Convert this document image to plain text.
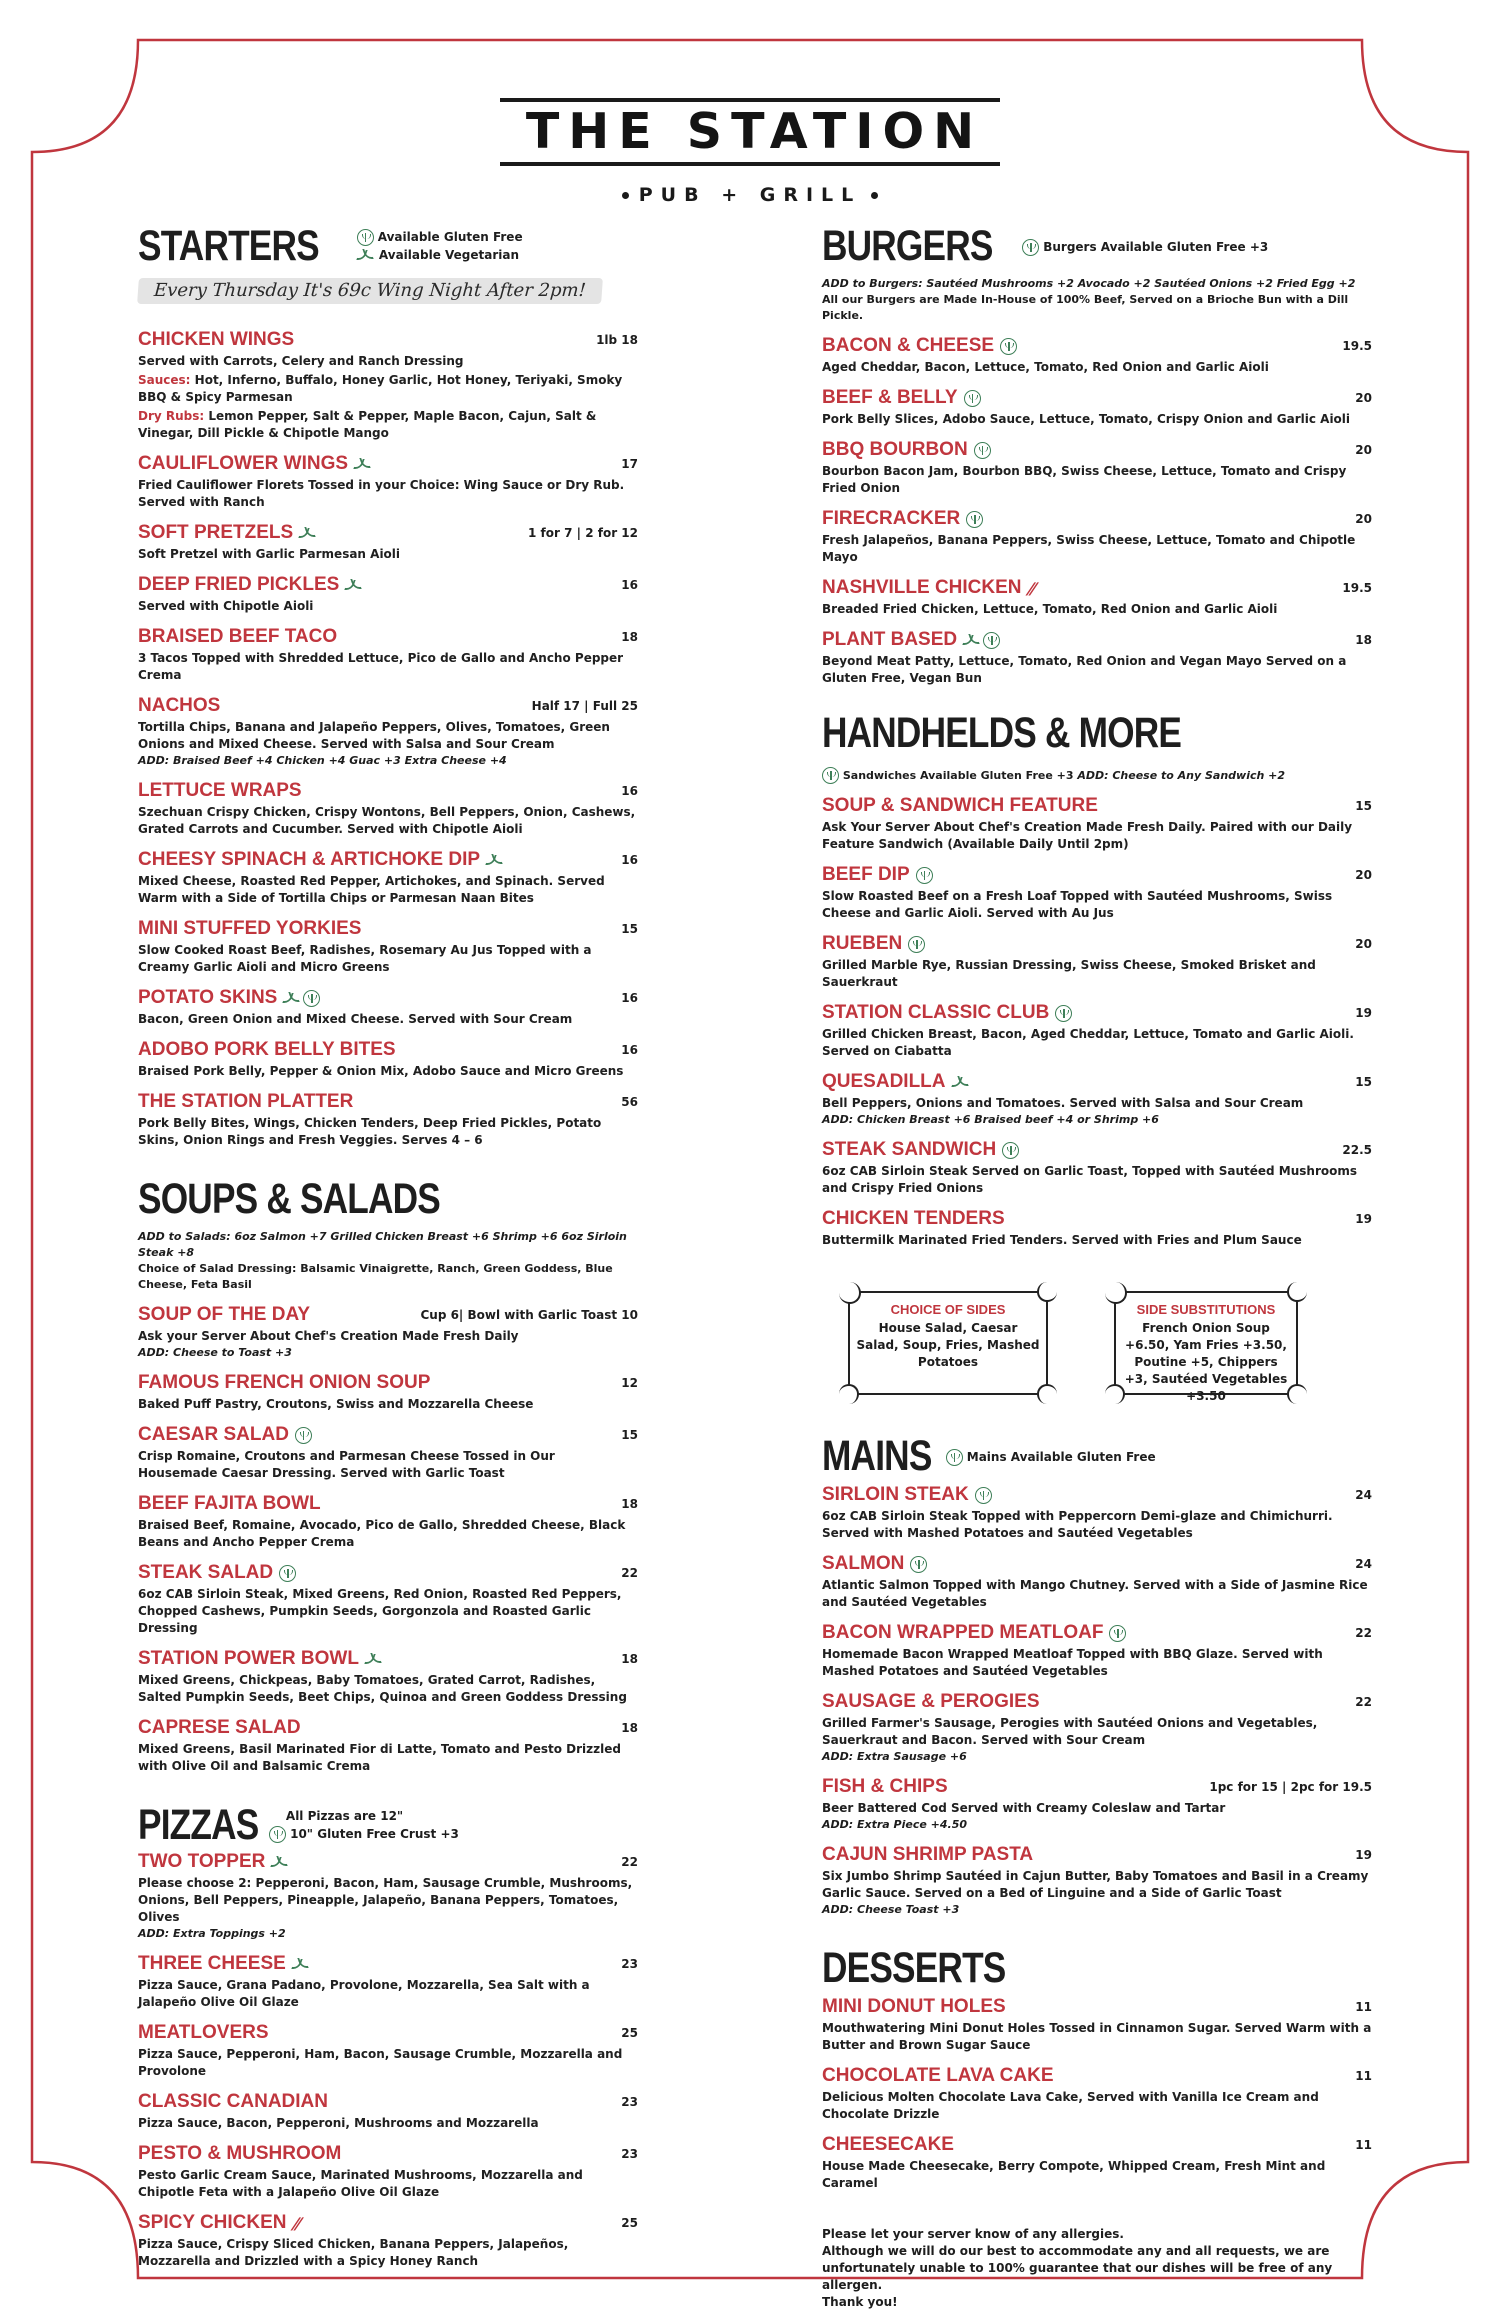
THE STATION
PUB + GRILL
STARTERS
	Available Gluten Free

Available Vegetarian
Every Thursday It's 69c Wing Night After 2pm!
CHICKEN WINGS	1lb 18
Served with Carrots, Celery and Ranch Dressing
Sauces: Hot, Inferno, Buffalo, Honey Garlic, Hot Honey, Teriyaki, Smoky BBQ & Spicy Parmesan
Dry Rubs: Lemon Pepper, Salt & Pepper, Maple Bacon, Cajun, Salt & Vinegar, Dill Pickle & Chipotle Mango
CAULIFLOWER WINGS	17
Fried Cauliflower Florets Tossed in your Choice: Wing Sauce or Dry Rub. Served with Ranch
SOFT PRETZELS	1 for 7 | 2 for 12
Soft Pretzel with Garlic Parmesan Aioli
DEEP FRIED PICKLES	16
Served with Chipotle Aioli
BRAISED BEEF TACO	18
3 Tacos Topped with Shredded Lettuce, Pico de Gallo and Ancho Pepper Crema
NACHOS	Half 17 | Full 25
Tortilla Chips, Banana and Jalapeño Peppers, Olives, Tomatoes, Green Onions and Mixed Cheese. Served with Salsa and Sour Cream
ADD: Braised Beef +4 Chicken +4 Guac +3 Extra Cheese +4
LETTUCE WRAPS	16
Szechuan Crispy Chicken, Crispy Wontons, Bell Peppers, Onion, Cashews, Grated Carrots and Cucumber. Served with Chipotle Aioli
CHEESY SPINACH & ARTICHOKE DIP	16
Mixed Cheese, Roasted Red Pepper, Artichokes, and Spinach. Served Warm with a Side of Tortilla Chips or Parmesan Naan Bites
MINI STUFFED YORKIES	15
Slow Cooked Roast Beef, Radishes, Rosemary Au Jus Topped with a Creamy Garlic Aioli and Micro Greens
POTATO SKINS	16
Bacon, Green Onion and Mixed Cheese. Served with Sour Cream
ADOBO PORK BELLY BITES	16
Braised Pork Belly, Pepper & Onion Mix, Adobo Sauce and Micro Greens
THE STATION PLATTER	56
Pork Belly Bites, Wings, Chicken Tenders, Deep Fried Pickles, Potato Skins, Onion Rings and Fresh Veggies. Serves 4 – 6
SOUPS & SALADS
ADD to Salads: 6oz Salmon +7 Grilled Chicken Breast +6 Shrimp +6 6oz Sirloin Steak +8
Choice of Salad Dressing: Balsamic Vinaigrette, Ranch, Green Goddess, Blue Cheese, Feta Basil
SOUP OF THE DAY	Cup 6| Bowl with Garlic Toast 10
Ask your Server About Chef's Creation Made Fresh Daily
ADD: Cheese to Toast +3
FAMOUS FRENCH ONION SOUP	12
Baked Puff Pastry, Croutons, Swiss and Mozzarella Cheese
CAESAR SALAD	15
Crisp Romaine, Croutons and Parmesan Cheese Tossed in Our Housemade Caesar Dressing. Served with Garlic Toast
BEEF FAJITA BOWL	18
Braised Beef, Romaine, Avocado, Pico de Gallo, Shredded Cheese, Black Beans and Ancho Pepper Crema
STEAK SALAD	22
6oz CAB Sirloin Steak, Mixed Greens, Red Onion, Roasted Red Peppers, Chopped Cashews, Pumpkin Seeds, Gorgonzola and Roasted Garlic Dressing
STATION POWER BOWL	18
Mixed Greens, Chickpeas, Baby Tomatoes, Grated Carrot, Radishes, Salted Pumpkin Seeds, Beet Chips, Quinoa and Green Goddess Dressing
CAPRESE SALAD	18
Mixed Greens, Basil Marinated Fior di Latte, Tomato and Pesto Drizzled with Olive Oil and Balsamic Crema
PIZZAS All Pizzas are 12"

10" Gluten Free Crust +3
TWO TOPPER	22
Please choose 2: Pepperoni, Bacon, Ham, Sausage Crumble, Mushrooms, Onions, Bell Peppers, Pineapple, Jalapeño, Banana Peppers, Tomatoes, Olives
ADD: Extra Toppings +2
THREE CHEESE	23
Pizza Sauce, Grana Padano, Provolone, Mozzarella, Sea Salt with a Jalapeño Olive Oil Glaze
MEATLOVERS	25
Pizza Sauce, Pepperoni, Ham, Bacon, Sausage Crumble, Mozzarella and Provolone
CLASSIC CANADIAN	23
Pizza Sauce, Bacon, Pepperoni, Mushrooms and Mozzarella
PESTO & MUSHROOM	23
Pesto Garlic Cream Sauce, Marinated Mushrooms, Mozzarella and Chipotle Feta with a Jalapeño Olive Oil Glaze
SPICY CHICKEN //	25
Pizza Sauce, Crispy Sliced Chicken, Banana Peppers, Jalapeños, Mozzarella and Drizzled with a Spicy Honey Ranch
BURGERS
	Burgers Available Gluten Free +3
ADD to Burgers: Sautéed Mushrooms +2 Avocado +2 Sautéed Onions +2 Fried Egg +2
All our Burgers are Made In-House of 100% Beef, Served on a Brioche Bun with a Dill Pickle.
BACON & CHEESE	19.5
Aged Cheddar, Bacon, Lettuce, Tomato, Red Onion and Garlic Aioli
BEEF & BELLY	20
Pork Belly Slices, Adobo Sauce, Lettuce, Tomato, Crispy Onion and Garlic Aioli
BBQ BOURBON	20
Bourbon Bacon Jam, Bourbon BBQ, Swiss Cheese, Lettuce, Tomato and Crispy Fried Onion
FIRECRACKER	20
Fresh Jalapeños, Banana Peppers, Swiss Cheese, Lettuce, Tomato and Chipotle Mayo
NASHVILLE CHICKEN //	19.5
Breaded Fried Chicken, Lettuce, Tomato, Red Onion and Garlic Aioli
PLANT BASED	18
Beyond Meat Patty, Lettuce, Tomato, Red Onion and Vegan Mayo Served on a Gluten Free, Vegan Bun
HANDHELDS & MORE

Sandwiches Available Gluten Free +3
ADD: Cheese to Any Sandwich +2
SOUP & SANDWICH FEATURE	15
Ask Your Server About Chef's Creation Made Fresh Daily. Paired with our Daily Feature Sandwich (Available Daily Until 2pm)
BEEF DIP	20
Slow Roasted Beef on a Fresh Loaf Topped with Sautéed Mushrooms, Swiss Cheese and Garlic Aioli. Served with Au Jus
RUEBEN	20
Grilled Marble Rye, Russian Dressing, Swiss Cheese, Smoked Brisket and Sauerkraut
STATION CLASSIC CLUB	19
Grilled Chicken Breast, Bacon, Aged Cheddar, Lettuce, Tomato and Garlic Aioli. Served on Ciabatta
QUESADILLA	15
Bell Peppers, Onions and Tomatoes. Served with Salsa and Sour Cream
ADD: Chicken Breast +6 Braised beef +4 or Shrimp +6
STEAK SANDWICH	22.5
6oz CAB Sirloin Steak Served on Garlic Toast, Topped with Sautéed Mushrooms and Crispy Fried Onions
CHICKEN TENDERS	19
Buttermilk Marinated Fried Tenders. Served with Fries and Plum Sauce
CHOICE OF SIDES
House Salad, Caesar Salad, Soup, Fries, Mashed Potatoes
SIDE SUBSTITUTIONS
French Onion Soup +6.50, Yam Fries +3.50, Poutine +5, Chippers +3, Sautéed Vegetables +3.50
MAINS
	Mains Available Gluten Free
SIRLOIN STEAK	24
6oz CAB Sirloin Steak Topped with Peppercorn Demi-glaze and Chimichurri. Served with Mashed Potatoes and Sautéed Vegetables
SALMON	24
Atlantic Salmon Topped with Mango Chutney. Served with a Side of Jasmine Rice and Sautéed Vegetables
BACON WRAPPED MEATLOAF	22
Homemade Bacon Wrapped Meatloaf Topped with BBQ Glaze. Served with Mashed Potatoes and Sautéed Vegetables
SAUSAGE & PEROGIES	22
Grilled Farmer's Sausage, Perogies with Sautéed Onions and Vegetables, Sauerkraut and Bacon. Served with Sour Cream
ADD: Extra Sausage +6
FISH & CHIPS	1pc for 15 | 2pc for 19.5
Beer Battered Cod Served with Creamy Coleslaw and Tartar
ADD: Extra Piece +4.50
CAJUN SHRIMP PASTA	19
Six Jumbo Shrimp Sautéed in Cajun Butter, Baby Tomatoes and Basil in a Creamy Garlic Sauce. Served on a Bed of Linguine and a Side of Garlic Toast
ADD: Cheese Toast +3
DESSERTS
MINI DONUT HOLES	11
Mouthwatering Mini Donut Holes Tossed in Cinnamon Sugar. Served Warm with a Butter and Brown Sugar Sauce
CHOCOLATE LAVA CAKE	11
Delicious Molten Chocolate Lava Cake, Served with Vanilla Ice Cream and Chocolate Drizzle
CHEESECAKE	11
House Made Cheesecake, Berry Compote, Whipped Cream, Fresh Mint and Caramel
Please let your server know of any allergies.
Although we will do our best to accommodate any and all requests, we are unfortunately unable to 100% guarantee that our dishes will be free of any allergen.
Thank you!
